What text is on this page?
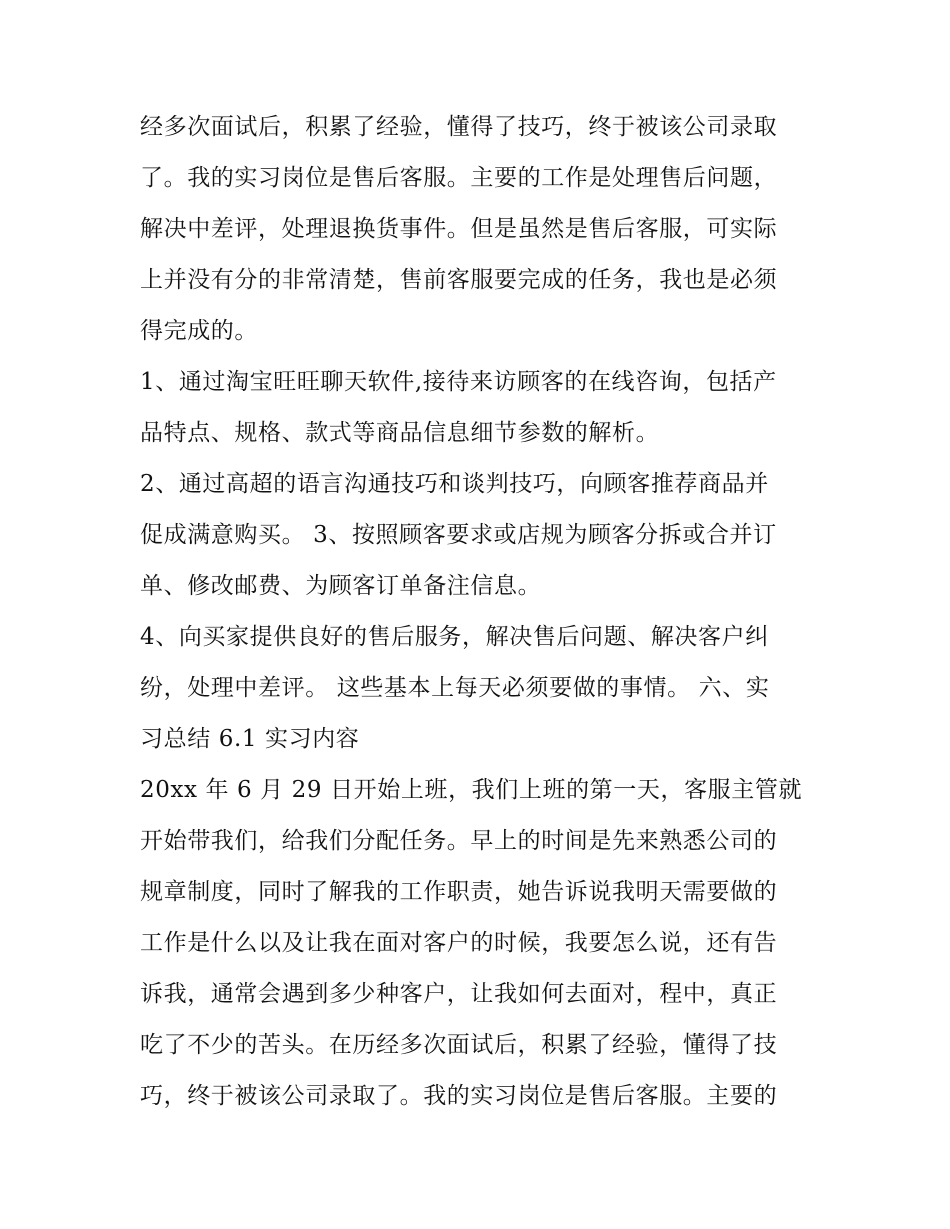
经多次面试后，积累了经验，懂得了技巧，终于被该公司录取
了。我的实习岗位是售后客服。主要的工作是处理售后问题，
解决中差评，处理退换货事件。但是虽然是售后客服，可实际
上并没有分的非常清楚，售前客服要完成的任务，我也是必须
得完成的。
1、通过淘宝旺旺聊天软件,接待来访顾客的在线咨询，包括产
品特点、规格、款式等商品信息细节参数的解析。
2、通过高超的语言沟通技巧和谈判技巧，向顾客推荐商品并
促成满意购买。 3、按照顾客要求或店规为顾客分拆或合并订
单、修改邮费、为顾客订单备注信息。
4、向买家提供良好的售后服务，解决售后问题、解决客户纠
纷，处理中差评。 这些基本上每天必须要做的事情。 六、实
习总结 6.1 实习内容
20xx 年 6 月 29 日开始上班，我们上班的第一天，客服主管就
开始带我们，给我们分配任务。早上的时间是先来熟悉公司的
规章制度，同时了解我的工作职责，她告诉说我明天需要做的
工作是什么以及让我在面对客户的时候，我要怎么说，还有告
诉我，通常会遇到多少种客户，让我如何去面对，程中，真正
吃了不少的苦头。在历经多次面试后，积累了经验，懂得了技
巧，终于被该公司录取了。我的实习岗位是售后客服。主要的
